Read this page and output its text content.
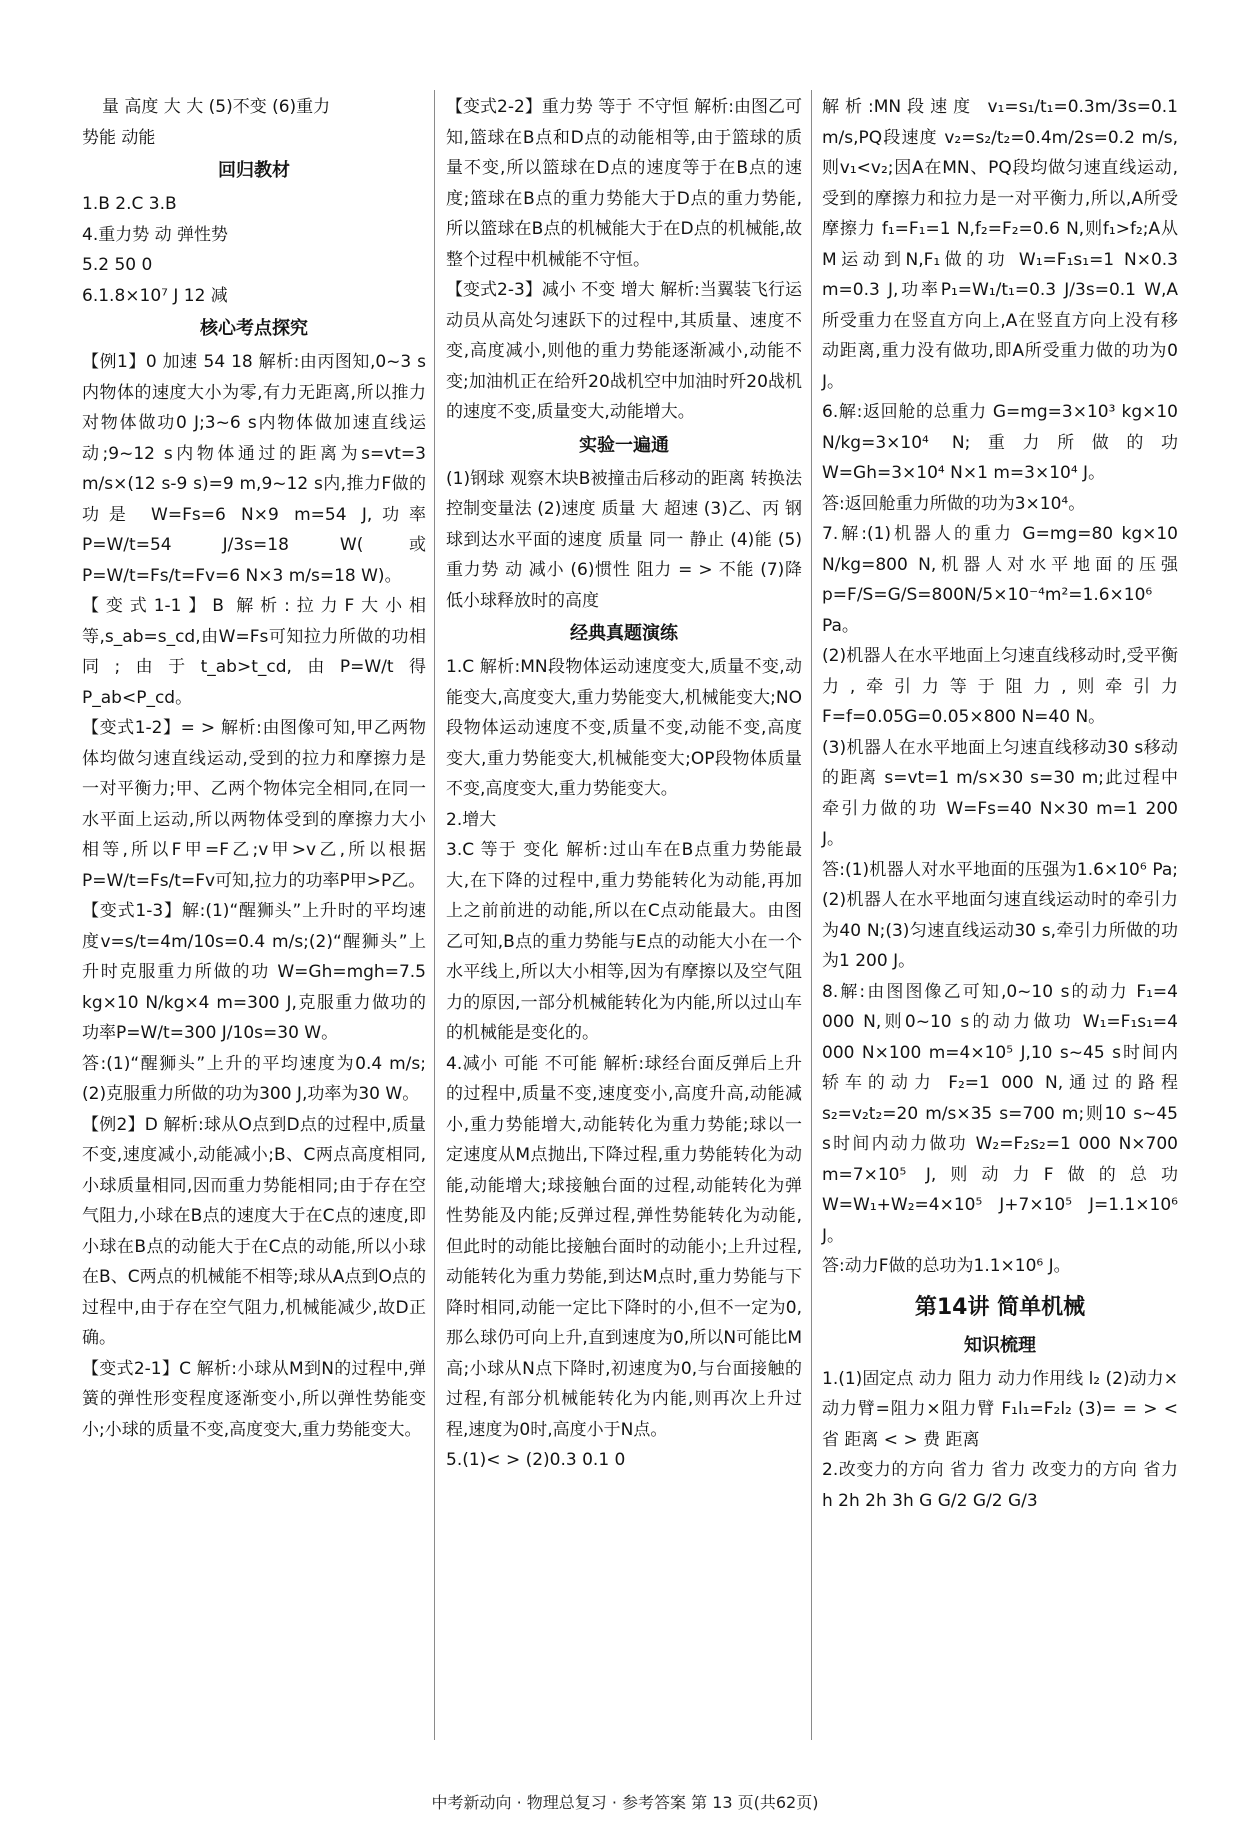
量 高度 大 大 (5)不变 (6)重力

势能 动能

回归教材

1.B 2.C 3.B

4.重力势 动 弹性势

5.2 50 0

6.1.8×10⁷ J 12 减

核心考点探究

【例1】0 加速 54 18 解析:由丙图知,0~3 s内物体的速度大小为零,有力无距离,所以推力对物体做功0 J;3~6 s内物体做加速直线运动;9~12 s内物体通过的距离为s=vt=3 m/s×(12 s-9 s)=9 m,9~12 s内,推力F做的功是 W=Fs=6 N×9 m=54 J,功率P=W/t=54 J/3s=18 W(或P=W/t=Fs/t=Fv=6 N×3 m/s=18 W)。

【变式1-1】B 解析:拉力F大小相等,s_ab=s_cd,由W=Fs可知拉力所做的功相同;由于t_ab>t_cd,由P=W/t得P_ab<P_cd。

【变式1-2】= > 解析:由图像可知,甲乙两物体均做匀速直线运动,受到的拉力和摩擦力是一对平衡力;甲、乙两个物体完全相同,在同一水平面上运动,所以两物体受到的摩擦力大小相等,所以F甲=F乙;v甲>v乙,所以根据P=W/t=Fs/t=Fv可知,拉力的功率P甲>P乙。

【变式1-3】解:(1)“醒狮头”上升时的平均速度v=s/t=4m/10s=0.4 m/s;(2)“醒狮头”上升时克服重力所做的功 W=Gh=mgh=7.5 kg×10 N/kg×4 m=300 J,克服重力做功的功率P=W/t=300 J/10s=30 W。

答:(1)“醒狮头”上升的平均速度为0.4 m/s;(2)克服重力所做的功为300 J,功率为30 W。

【例2】D 解析:球从O点到D点的过程中,质量不变,速度减小,动能减小;B、C两点高度相同,小球质量相同,因而重力势能相同;由于存在空气阻力,小球在B点的速度大于在C点的速度,即小球在B点的动能大于在C点的动能,所以小球在B、C两点的机械能不相等;球从A点到O点的过程中,由于存在空气阻力,机械能减少,故D正确。

【变式2-1】C 解析:小球从M到N的过程中,弹簧的弹性形变程度逐渐变小,所以弹性势能变小;小球的质量不变,高度变大,重力势能变大。

【变式2-2】重力势 等于 不守恒 解析:由图乙可知,篮球在B点和D点的动能相等,由于篮球的质量不变,所以篮球在D点的速度等于在B点的速度;篮球在B点的重力势能大于D点的重力势能,所以篮球在B点的机械能大于在D点的机械能,故整个过程中机械能不守恒。

【变式2-3】减小 不变 增大 解析:当翼装飞行运动员从高处匀速跃下的过程中,其质量、速度不变,高度减小,则他的重力势能逐渐减小,动能不变;加油机正在给歼20战机空中加油时歼20战机的速度不变,质量变大,动能增大。

实验一遍通

(1)钢球 观察木块B被撞击后移动的距离 转换法 控制变量法 (2)速度 质量 大 超速 (3)乙、丙 钢球到达水平面的速度 质量 同一 静止 (4)能 (5)重力势 动 减小 (6)惯性 阻力 = > 不能 (7)降低小球释放时的高度

经典真题演练

1.C 解析:MN段物体运动速度变大,质量不变,动能变大,高度变大,重力势能变大,机械能变大;NO段物体运动速度不变,质量不变,动能不变,高度变大,重力势能变大,机械能变大;OP段物体质量不变,高度变大,重力势能变大。

2.增大

3.C 等于 变化 解析:过山车在B点重力势能最大,在下降的过程中,重力势能转化为动能,再加上之前前进的动能,所以在C点动能最大。由图乙可知,B点的重力势能与E点的动能大小在一个水平线上,所以大小相等,因为有摩擦以及空气阻力的原因,一部分机械能转化为内能,所以过山车的机械能是变化的。

4.减小 可能 不可能 解析:球经台面反弹后上升的过程中,质量不变,速度变小,高度升高,动能减小,重力势能增大,动能转化为重力势能;球以一定速度从M点抛出,下降过程,重力势能转化为动能,动能增大;球接触台面的过程,动能转化为弹性势能及内能;反弹过程,弹性势能转化为动能,但此时的动能比接触台面时的动能小;上升过程,动能转化为重力势能,到达M点时,重力势能与下降时相同,动能一定比下降时的小,但不一定为0,那么球仍可向上升,直到速度为0,所以N可能比M高;小球从N点下降时,初速度为0,与台面接触的过程,有部分机械能转化为内能,则再次上升过程,速度为0时,高度小于N点。

5.(1)< > (2)0.3 0.1 0

解析:MN段速度 v₁=s₁/t₁=0.3m/3s=0.1 m/s,PQ段速度 v₂=s₂/t₂=0.4m/2s=0.2 m/s,则v₁<v₂;因A在MN、PQ段均做匀速直线运动,受到的摩擦力和拉力是一对平衡力,所以,A所受摩擦力 f₁=F₁=1 N,f₂=F₂=0.6 N,则f₁>f₂;A从M运动到N,F₁做的功 W₁=F₁s₁=1 N×0.3 m=0.3 J,功率P₁=W₁/t₁=0.3 J/3s=0.1 W,A所受重力在竖直方向上,A在竖直方向上没有移动距离,重力没有做功,即A所受重力做的功为0 J。

6.解:返回舱的总重力 G=mg=3×10³ kg×10 N/kg=3×10⁴ N;重力所做的功 W=Gh=3×10⁴ N×1 m=3×10⁴ J。

答:返回舱重力所做的功为3×10⁴。

7.解:(1)机器人的重力 G=mg=80 kg×10 N/kg=800 N,机器人对水平地面的压强 p=F/S=G/S=800N/5×10⁻⁴m²=1.6×10⁶ Pa。

(2)机器人在水平地面上匀速直线移动时,受平衡力,牵引力等于阻力,则牵引力F=f=0.05G=0.05×800 N=40 N。

(3)机器人在水平地面上匀速直线移动30 s移动的距离 s=vt=1 m/s×30 s=30 m;此过程中牵引力做的功 W=Fs=40 N×30 m=1 200 J。

答:(1)机器人对水平地面的压强为1.6×10⁶ Pa;(2)机器人在水平地面匀速直线运动时的牵引力为40 N;(3)匀速直线运动30 s,牵引力所做的功为1 200 J。

8.解:由图图像乙可知,0~10 s的动力 F₁=4 000 N,则0~10 s的动力做功 W₁=F₁s₁=4 000 N×100 m=4×10⁵ J,10 s~45 s时间内轿车的动力 F₂=1 000 N,通过的路程 s₂=v₂t₂=20 m/s×35 s=700 m;则10 s~45 s时间内动力做功 W₂=F₂s₂=1 000 N×700 m=7×10⁵ J,则动力F做的总功 W=W₁+W₂=4×10⁵ J+7×10⁵ J=1.1×10⁶ J。

答:动力F做的总功为1.1×10⁶ J。

第14讲 简单机械
知识梳理

1.(1)固定点 动力 阻力 动力作用线 l₂ (2)动力×动力臂=阻力×阻力臂 F₁l₁=F₂l₂ (3)= = > < 省 距离 < > 费 距离

2.改变力的方向 省力 省力 改变力的方向 省力 h 2h 2h 3h G G/2 G/2 G/3

中考新动向 · 物理总复习 · 参考答案 第 13 页(共62页)
